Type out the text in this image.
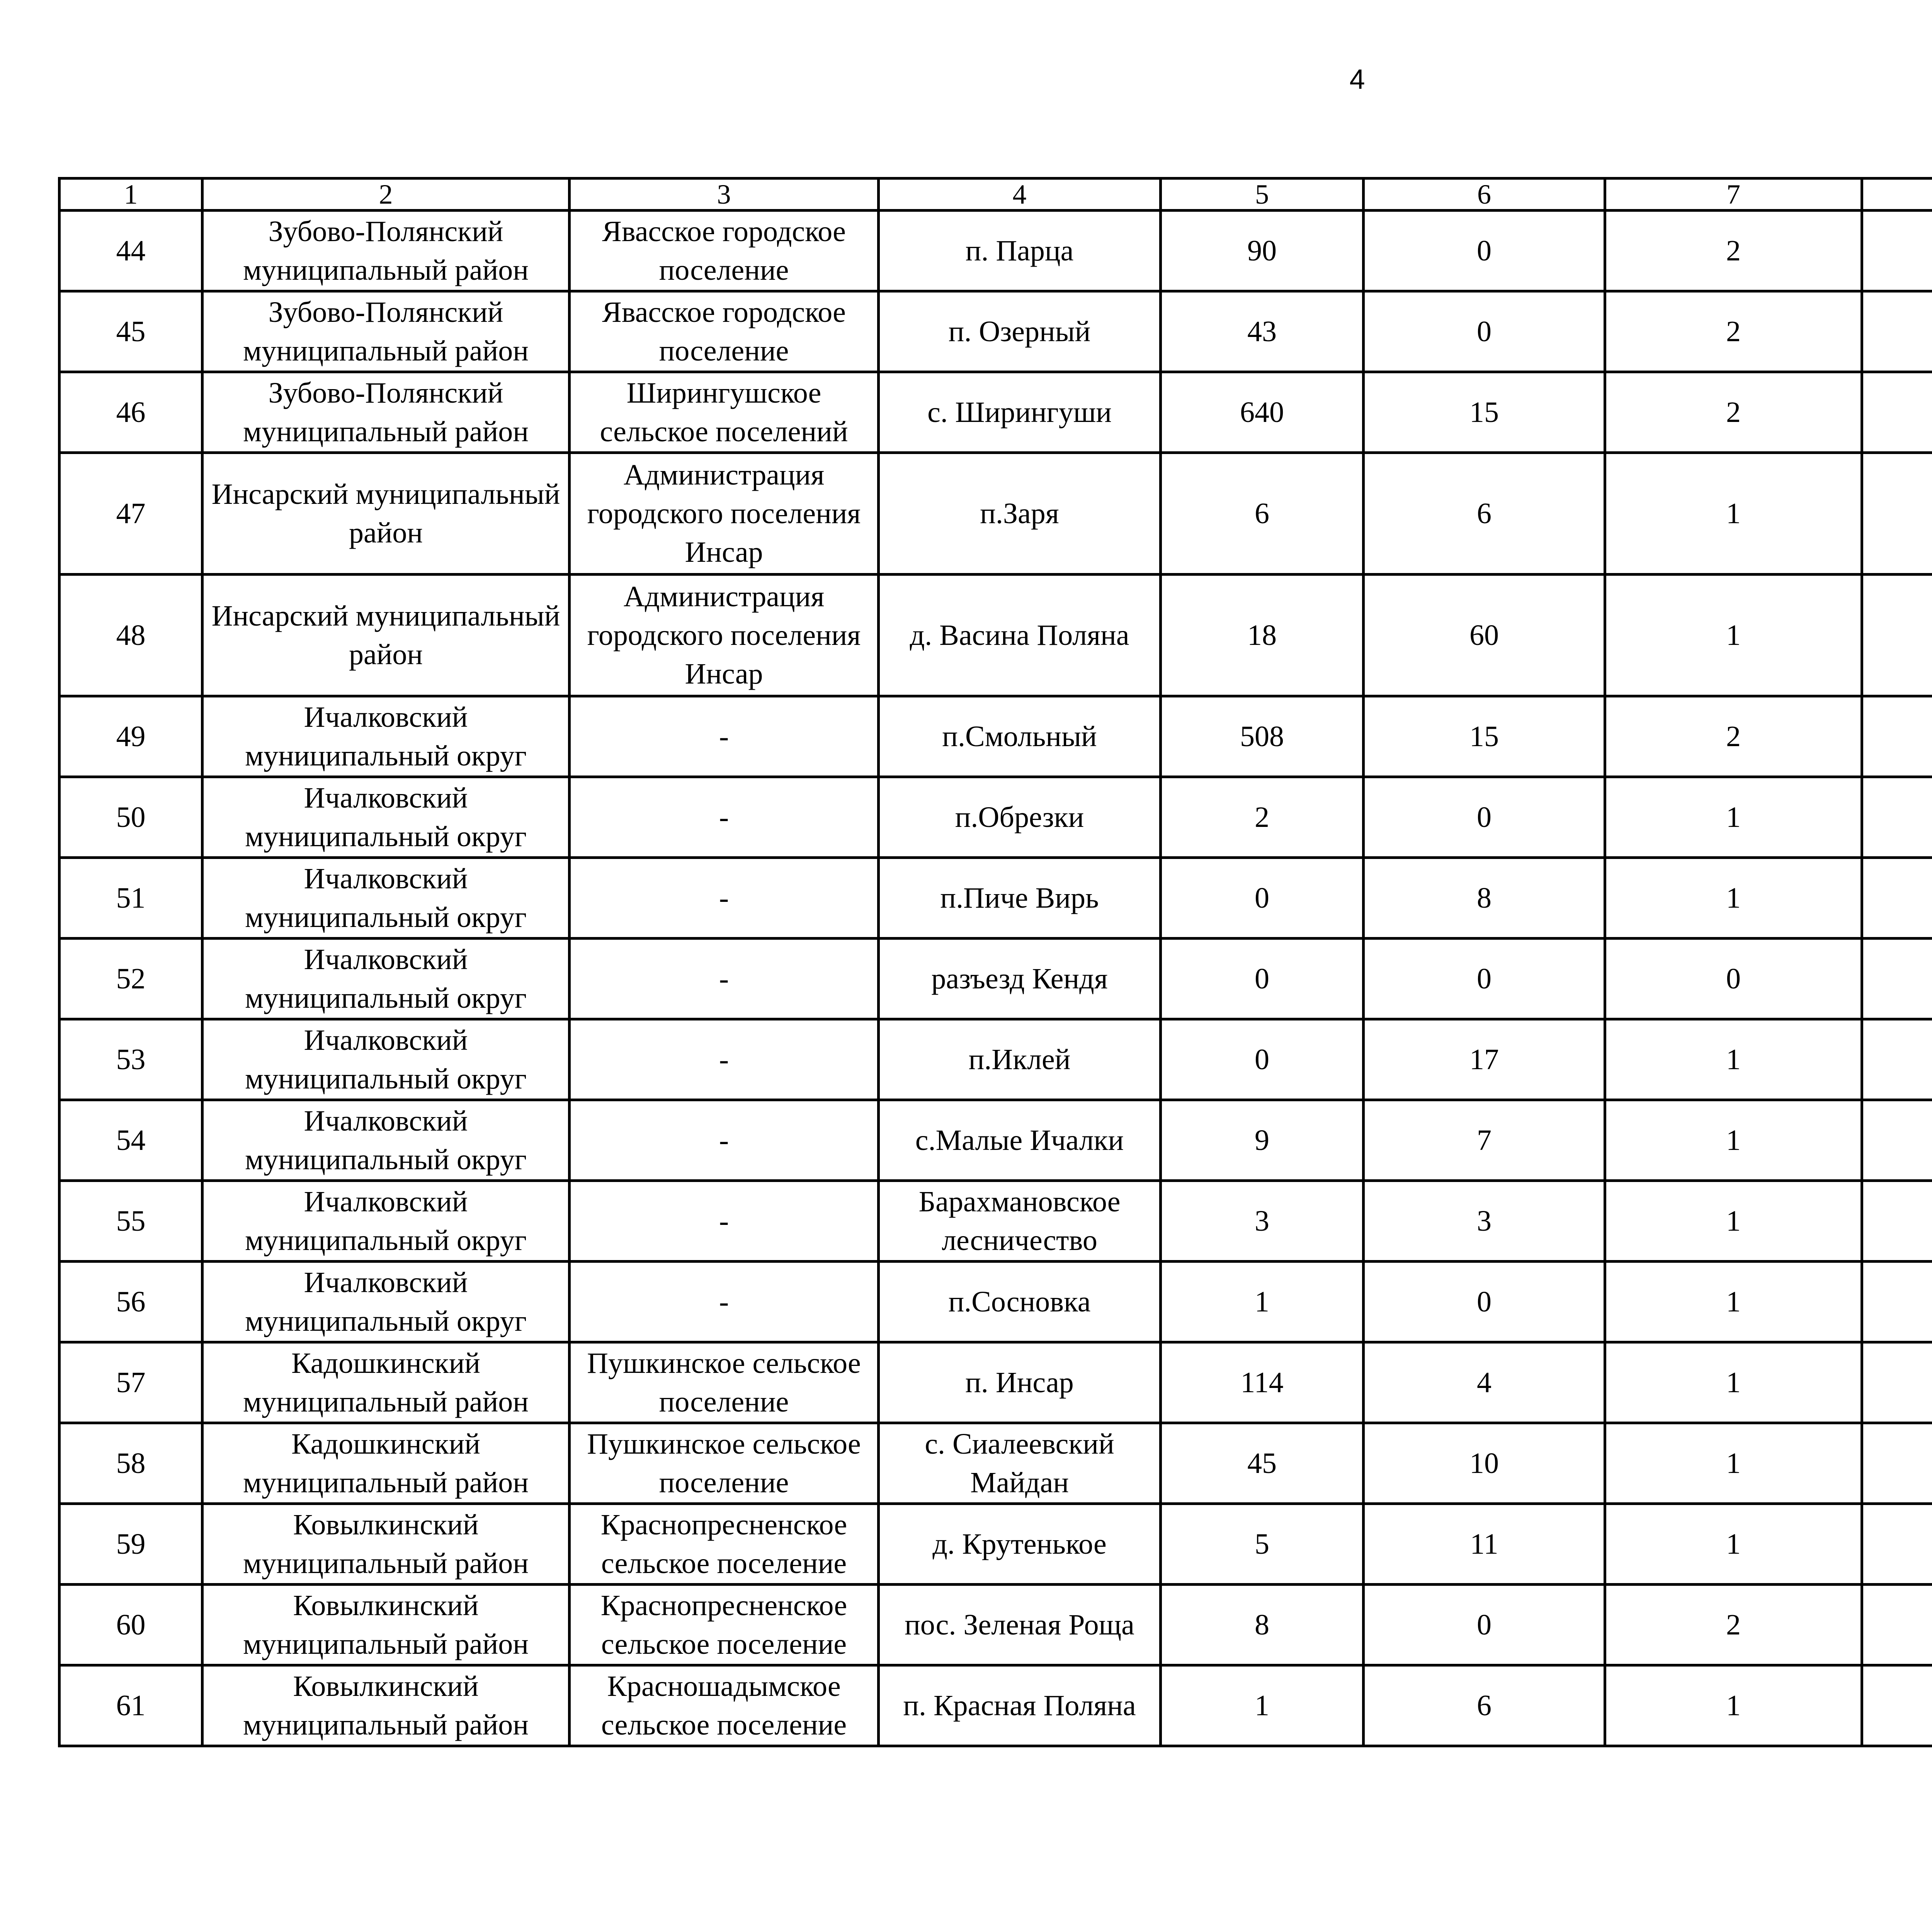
4
1	2	3	4	5	6	7			
44	Зубово-Полянский муниципальный район	Явасское городское поселение	п. Парца	90	0	2			
45	Зубово-Полянский муниципальный район	Явасское городское поселение	п. Озерный	43	0	2			
46	Зубово-Полянский муниципальный район	Ширингушское сельское поселений	с. Ширингуши	640	15	2			
47	Инсарский муниципальный район	Администрация городского поселения Инсар	п.Заря	6	6	1			
48	Инсарский муниципальный район	Администрация городского поселения Инсар	д. Васина Поляна	18	60	1			
49	Ичалковский муниципальный округ	-	п.Смольный	508	15	2			
50	Ичалковский муниципальный округ	-	п.Обрезки	2	0	1			
51	Ичалковский муниципальный округ	-	п.Пиче Вирь	0	8	1			
52	Ичалковский муниципальный округ	-	разъезд Кендя	0	0	0			
53	Ичалковский муниципальный округ	-	п.Иклей	0	17	1			
54	Ичалковский муниципальный округ	-	с.Малые Ичалки	9	7	1			
55	Ичалковский муниципальный округ	-	Барахмановское лесничество	3	3	1			
56	Ичалковский муниципальный округ	-	п.Сосновка	1	0	1			
57	Кадошкинский муниципальный район	Пушкинское сельское поселение	п. Инсар	114	4	1			
58	Кадошкинский муниципальный район	Пушкинское сельское поселение	с. Сиалеевский Майдан	45	10	1			
59	Ковылкинский муниципальный район	Краснопресненское сельское поселение	д. Крутенькое	5	11	1			
60	Ковылкинский муниципальный район	Краснопресненское сельское поселение	пос. Зеленая Роща	8	0	2			
61	Ковылкинский муниципальный район	Красношадымское сельское поселение	п. Красная Поляна	1	6	1			
